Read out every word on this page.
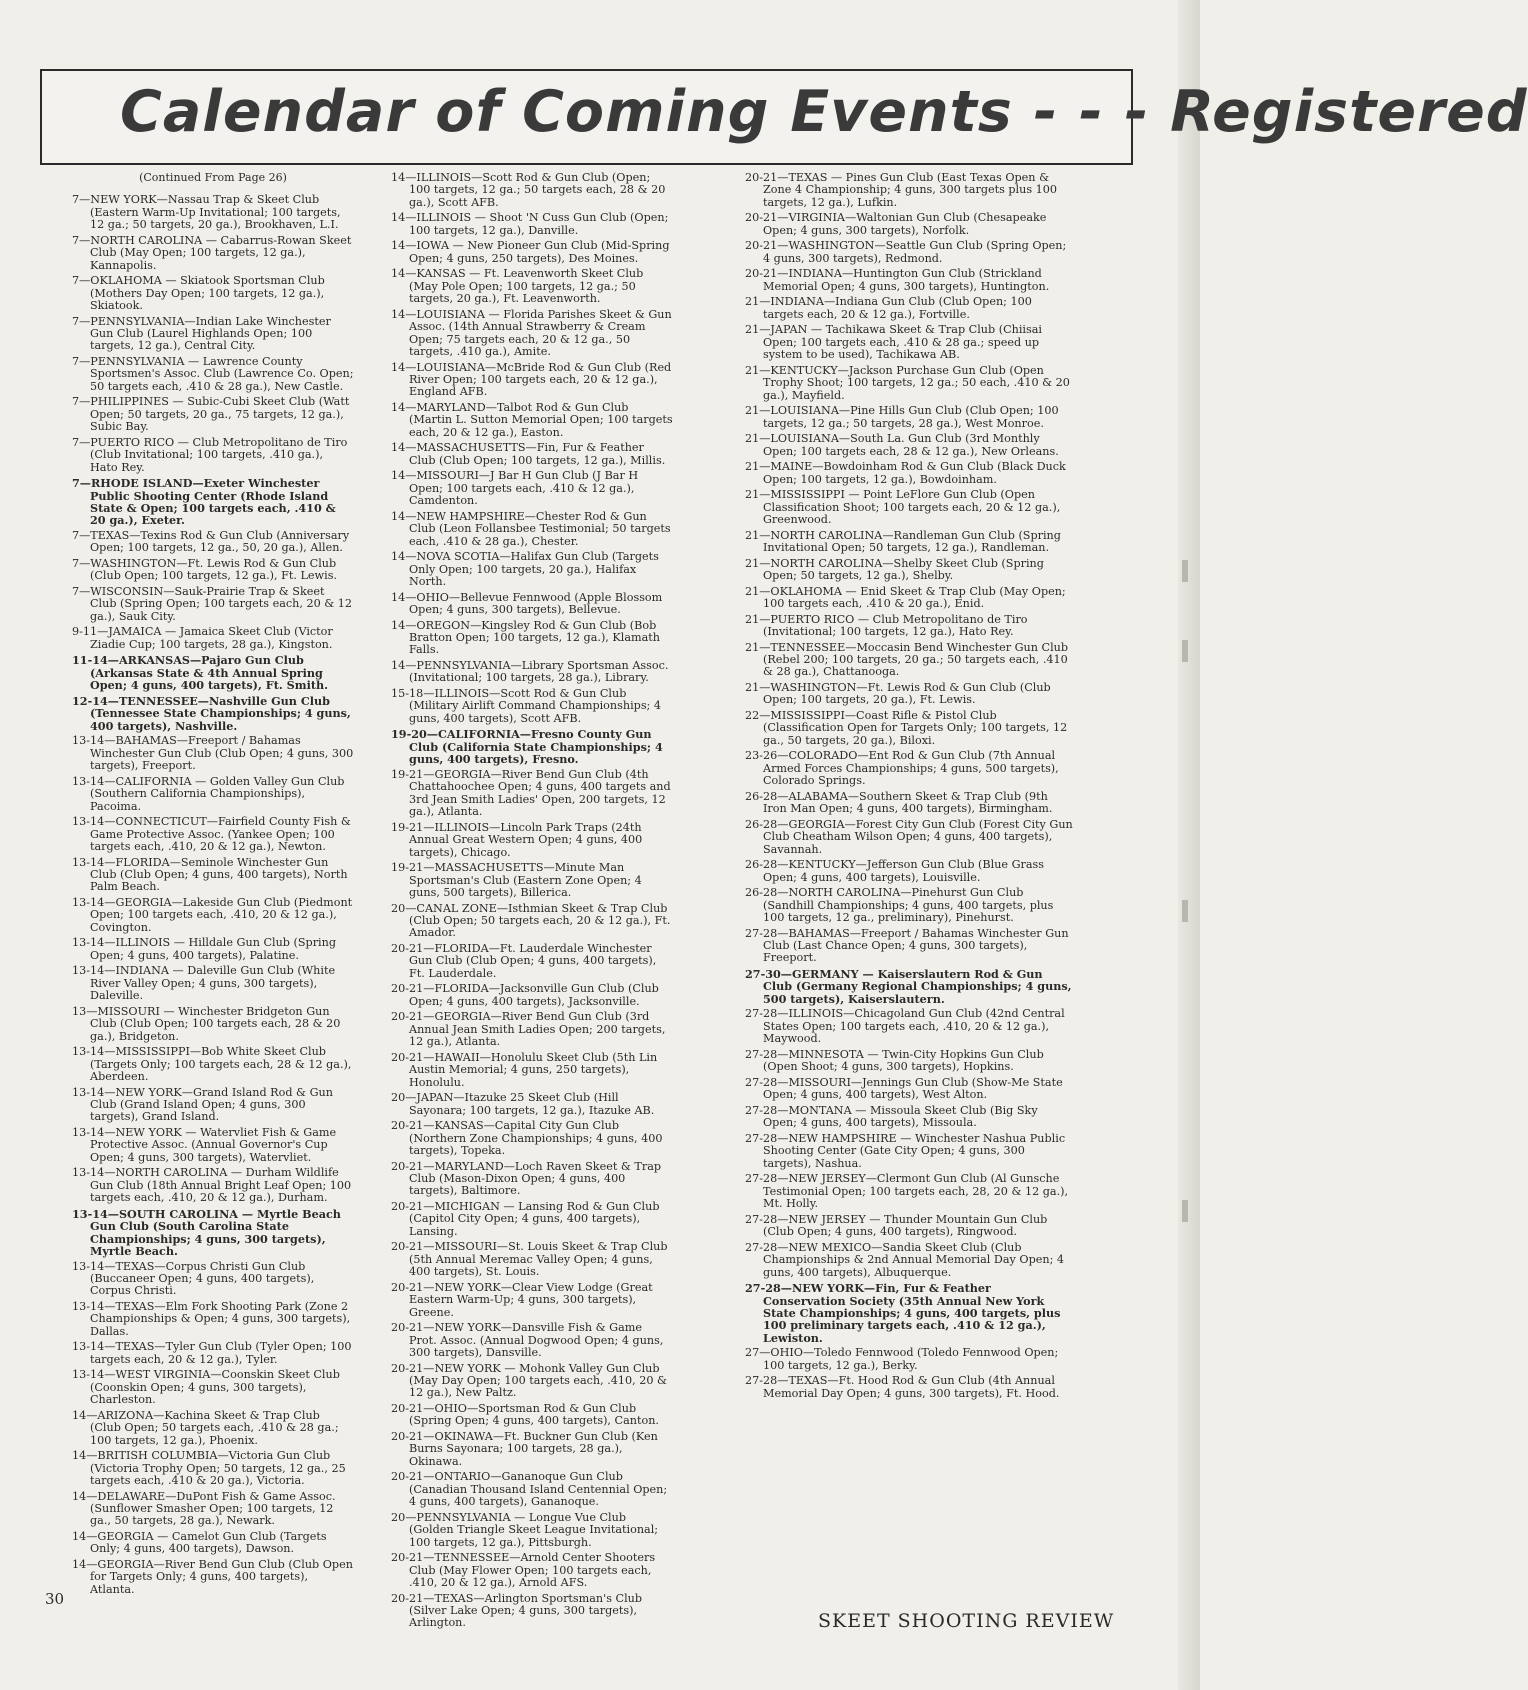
Calendar of Coming Events - - - Registered
(Continued From Page 26)

7—NEW YORK—Nassau Trap & Skeet Club (Eastern Warm-Up Invitational; 100 targets, 12 ga.; 50 targets, 20 ga.), Brookhaven, L.I.

7—NORTH CAROLINA — Cabarrus-Rowan Skeet Club (May Open; 100 targets, 12 ga.), Kannapolis.

7—OKLAHOMA — Skiatook Sportsman Club (Mothers Day Open; 100 targets, 12 ga.), Skiatook.

7—PENNSYLVANIA—Indian Lake Winchester Gun Club (Laurel Highlands Open; 100 targets, 12 ga.), Central City.

7—PENNSYLVANIA — Lawrence County Sportsmen's Assoc. Club (Lawrence Co. Open; 50 targets each, .410 & 28 ga.), New Castle.

7—PHILIPPINES — Subic-Cubi Skeet Club (Watt Open; 50 targets, 20 ga., 75 targets, 12 ga.), Subic Bay.

7—PUERTO RICO — Club Metropolitano de Tiro (Club Invitational; 100 targets, .410 ga.), Hato Rey.

7—RHODE ISLAND—Exeter Winchester Public Shooting Center (Rhode Island State & Open; 100 targets each, .410 & 20 ga.), Exeter.

7—TEXAS—Texins Rod & Gun Club (Anniversary Open; 100 targets, 12 ga., 50, 20 ga.), Allen.

7—WASHINGTON—Ft. Lewis Rod & Gun Club (Club Open; 100 targets, 12 ga.), Ft. Lewis.

7—WISCONSIN—Sauk-Prairie Trap & Skeet Club (Spring Open; 100 targets each, 20 & 12 ga.), Sauk City.

9-11—JAMAICA — Jamaica Skeet Club (Victor Ziadie Cup; 100 targets, 28 ga.), Kingston.

11-14—ARKANSAS—Pajaro Gun Club (Arkansas State & 4th Annual Spring Open; 4 guns, 400 targets), Ft. Smith.

12-14—TENNESSEE—Nashville Gun Club (Tennessee State Championships; 4 guns, 400 targets), Nashville.

13-14—BAHAMAS—Freeport / Bahamas Winchester Gun Club (Club Open; 4 guns, 300 targets), Freeport.

13-14—CALIFORNIA — Golden Valley Gun Club (Southern California Championships), Pacoima.

13-14—CONNECTICUT—Fairfield County Fish & Game Protective Assoc. (Yankee Open; 100 targets each, .410, 20 & 12 ga.), Newton.

13-14—FLORIDA—Seminole Winchester Gun Club (Club Open; 4 guns, 400 targets), North Palm Beach.

13-14—GEORGIA—Lakeside Gun Club (Piedmont Open; 100 targets each, .410, 20 & 12 ga.), Covington.

13-14—ILLINOIS — Hilldale Gun Club (Spring Open; 4 guns, 400 targets), Palatine.

13-14—INDIANA — Daleville Gun Club (White River Valley Open; 4 guns, 300 targets), Daleville.

13—MISSOURI — Winchester Bridgeton Gun Club (Club Open; 100 targets each, 28 & 20 ga.), Bridgeton.

13-14—MISSISSIPPI—Bob White Skeet Club (Targets Only; 100 targets each, 28 & 12 ga.), Aberdeen.

13-14—NEW YORK—Grand Island Rod & Gun Club (Grand Island Open; 4 guns, 300 targets), Grand Island.

13-14—NEW YORK — Watervliet Fish & Game Protective Assoc. (Annual Governor's Cup Open; 4 guns, 300 targets), Watervliet.

13-14—NORTH CAROLINA — Durham Wildlife Gun Club (18th Annual Bright Leaf Open; 100 targets each, .410, 20 & 12 ga.), Durham.

13-14—SOUTH CAROLINA — Myrtle Beach Gun Club (South Carolina State Championships; 4 guns, 300 targets), Myrtle Beach.

13-14—TEXAS—Corpus Christi Gun Club (Buccaneer Open; 4 guns, 400 targets), Corpus Christi.

13-14—TEXAS—Elm Fork Shooting Park (Zone 2 Championships & Open; 4 guns, 300 targets), Dallas.

13-14—TEXAS—Tyler Gun Club (Tyler Open; 100 targets each, 20 & 12 ga.), Tyler.

13-14—WEST VIRGINIA—Coonskin Skeet Club (Coonskin Open; 4 guns, 300 targets), Charleston.

14—ARIZONA—Kachina Skeet & Trap Club (Club Open; 50 targets each, .410 & 28 ga.; 100 targets, 12 ga.), Phoenix.

14—BRITISH COLUMBIA—Victoria Gun Club (Victoria Trophy Open; 50 targets, 12 ga., 25 targets each, .410 & 20 ga.), Victoria.

14—DELAWARE—DuPont Fish & Game Assoc. (Sunflower Smasher Open; 100 targets, 12 ga., 50 targets, 28 ga.), Newark.

14—GEORGIA — Camelot Gun Club (Targets Only; 4 guns, 400 targets), Dawson.

14—GEORGIA—River Bend Gun Club (Club Open for Targets Only; 4 guns, 400 targets), Atlanta.

14—ILLINOIS—Scott Rod & Gun Club (Open; 100 targets, 12 ga.; 50 targets each, 28 & 20 ga.), Scott AFB.

14—ILLINOIS — Shoot 'N Cuss Gun Club (Open; 100 targets, 12 ga.), Danville.

14—IOWA — New Pioneer Gun Club (Mid-Spring Open; 4 guns, 250 targets), Des Moines.

14—KANSAS — Ft. Leavenworth Skeet Club (May Pole Open; 100 targets, 12 ga.; 50 targets, 20 ga.), Ft. Leavenworth.

14—LOUISIANA — Florida Parishes Skeet & Gun Assoc. (14th Annual Strawberry & Cream Open; 75 targets each, 20 & 12 ga., 50 targets, .410 ga.), Amite.

14—LOUISIANA—McBride Rod & Gun Club (Red River Open; 100 targets each, 20 & 12 ga.), England AFB.

14—MARYLAND—Talbot Rod & Gun Club (Martin L. Sutton Memorial Open; 100 targets each, 20 & 12 ga.), Easton.

14—MASSACHUSETTS—Fin, Fur & Feather Club (Club Open; 100 targets, 12 ga.), Millis.

14—MISSOURI—J Bar H Gun Club (J Bar H Open; 100 targets each, .410 & 12 ga.), Camdenton.

14—NEW HAMPSHIRE—Chester Rod & Gun Club (Leon Follansbee Testimonial; 50 targets each, .410 & 28 ga.), Chester.

14—NOVA SCOTIA—Halifax Gun Club (Targets Only Open; 100 targets, 20 ga.), Halifax North.

14—OHIO—Bellevue Fennwood (Apple Blossom Open; 4 guns, 300 targets), Bellevue.

14—OREGON—Kingsley Rod & Gun Club (Bob Bratton Open; 100 targets, 12 ga.), Klamath Falls.

14—PENNSYLVANIA—Library Sportsman Assoc. (Invitational; 100 targets, 28 ga.), Library.

15-18—ILLINOIS—Scott Rod & Gun Club (Military Airlift Command Championships; 4 guns, 400 targets), Scott AFB.

19-20—CALIFORNIA—Fresno County Gun Club (California State Championships; 4 guns, 400 targets), Fresno.

19-21—GEORGIA—River Bend Gun Club (4th Chattahoochee Open; 4 guns, 400 targets and 3rd Jean Smith Ladies' Open, 200 targets, 12 ga.), Atlanta.

19-21—ILLINOIS—Lincoln Park Traps (24th Annual Great Western Open; 4 guns, 400 targets), Chicago.

19-21—MASSACHUSETTS—Minute Man Sportsman's Club (Eastern Zone Open; 4 guns, 500 targets), Billerica.

20—CANAL ZONE—Isthmian Skeet & Trap Club (Club Open; 50 targets each, 20 & 12 ga.), Ft. Amador.

20-21—FLORIDA—Ft. Lauderdale Winchester Gun Club (Club Open; 4 guns, 400 targets), Ft. Lauderdale.

20-21—FLORIDA—Jacksonville Gun Club (Club Open; 4 guns, 400 targets), Jacksonville.

20-21—GEORGIA—River Bend Gun Club (3rd Annual Jean Smith Ladies Open; 200 targets, 12 ga.), Atlanta.

20-21—HAWAII—Honolulu Skeet Club (5th Lin Austin Memorial; 4 guns, 250 targets), Honolulu.

20—JAPAN—Itazuke 25 Skeet Club (Hill Sayonara; 100 targets, 12 ga.), Itazuke AB.

20-21—KANSAS—Capital City Gun Club (Northern Zone Championships; 4 guns, 400 targets), Topeka.

20-21—MARYLAND—Loch Raven Skeet & Trap Club (Mason-Dixon Open; 4 guns, 400 targets), Baltimore.

20-21—MICHIGAN — Lansing Rod & Gun Club (Capitol City Open; 4 guns, 400 targets), Lansing.

20-21—MISSOURI—St. Louis Skeet & Trap Club (5th Annual Meremac Valley Open; 4 guns, 400 targets), St. Louis.

20-21—NEW YORK—Clear View Lodge (Great Eastern Warm-Up; 4 guns, 300 targets), Greene.

20-21—NEW YORK—Dansville Fish & Game Prot. Assoc. (Annual Dogwood Open; 4 guns, 300 targets), Dansville.

20-21—NEW YORK — Mohonk Valley Gun Club (May Day Open; 100 targets each, .410, 20 & 12 ga.), New Paltz.

20-21—OHIO—Sportsman Rod & Gun Club (Spring Open; 4 guns, 400 targets), Canton.

20-21—OKINAWA—Ft. Buckner Gun Club (Ken Burns Sayonara; 100 targets, 28 ga.), Okinawa.

20-21—ONTARIO—Gananoque Gun Club (Canadian Thousand Island Centennial Open; 4 guns, 400 targets), Gananoque.

20—PENNSYLVANIA — Longue Vue Club (Golden Triangle Skeet League Invitational; 100 targets, 12 ga.), Pittsburgh.

20-21—TENNESSEE—Arnold Center Shooters Club (May Flower Open; 100 targets each, .410, 20 & 12 ga.), Arnold AFS.

20-21—TEXAS—Arlington Sportsman's Club (Silver Lake Open; 4 guns, 300 targets), Arlington.

20-21—TEXAS — Pines Gun Club (East Texas Open & Zone 4 Championship; 4 guns, 300 targets plus 100 targets, 12 ga.), Lufkin.

20-21—VIRGINIA—Waltonian Gun Club (Chesapeake Open; 4 guns, 300 targets), Norfolk.

20-21—WASHINGTON—Seattle Gun Club (Spring Open; 4 guns, 300 targets), Redmond.

20-21—INDIANA—Huntington Gun Club (Strickland Memorial Open; 4 guns, 300 targets), Huntington.

21—INDIANA—Indiana Gun Club (Club Open; 100 targets each, 20 & 12 ga.), Fortville.

21—JAPAN — Tachikawa Skeet & Trap Club (Chiisai Open; 100 targets each, .410 & 28 ga.; speed up system to be used), Tachikawa AB.

21—KENTUCKY—Jackson Purchase Gun Club (Open Trophy Shoot; 100 targets, 12 ga.; 50 each, .410 & 20 ga.), Mayfield.

21—LOUISIANA—Pine Hills Gun Club (Club Open; 100 targets, 12 ga.; 50 targets, 28 ga.), West Monroe.

21—LOUISIANA—South La. Gun Club (3rd Monthly Open; 100 targets each, 28 & 12 ga.), New Orleans.

21—MAINE—Bowdoinham Rod & Gun Club (Black Duck Open; 100 targets, 12 ga.), Bowdoinham.

21—MISSISSIPPI — Point LeFlore Gun Club (Open Classification Shoot; 100 targets each, 20 & 12 ga.), Greenwood.

21—NORTH CAROLINA—Randleman Gun Club (Spring Invitational Open; 50 targets, 12 ga.), Randleman.

21—NORTH CAROLINA—Shelby Skeet Club (Spring Open; 50 targets, 12 ga.), Shelby.

21—OKLAHOMA — Enid Skeet & Trap Club (May Open; 100 targets each, .410 & 20 ga.), Enid.

21—PUERTO RICO — Club Metropolitano de Tiro (Invitational; 100 targets, 12 ga.), Hato Rey.

21—TENNESSEE—Moccasin Bend Winchester Gun Club (Rebel 200; 100 targets, 20 ga.; 50 targets each, .410 & 28 ga.), Chattanooga.

21—WASHINGTON—Ft. Lewis Rod & Gun Club (Club Open; 100 targets, 20 ga.), Ft. Lewis.

22—MISSISSIPPI—Coast Rifle & Pistol Club (Classification Open for Targets Only; 100 targets, 12 ga., 50 targets, 20 ga.), Biloxi.

23-26—COLORADO—Ent Rod & Gun Club (7th Annual Armed Forces Championships; 4 guns, 500 targets), Colorado Springs.

26-28—ALABAMA—Southern Skeet & Trap Club (9th Iron Man Open; 4 guns, 400 targets), Birmingham.

26-28—GEORGIA—Forest City Gun Club (Forest City Gun Club Cheatham Wilson Open; 4 guns, 400 targets), Savannah.

26-28—KENTUCKY—Jefferson Gun Club (Blue Grass Open; 4 guns, 400 targets), Louisville.

26-28—NORTH CAROLINA—Pinehurst Gun Club (Sandhill Championships; 4 guns, 400 targets, plus 100 targets, 12 ga., preliminary), Pinehurst.

27-28—BAHAMAS—Freeport / Bahamas Winchester Gun Club (Last Chance Open; 4 guns, 300 targets), Freeport.

27-30—GERMANY — Kaiserslautern Rod & Gun Club (Germany Regional Championships; 4 guns, 500 targets), Kaiserslautern.

27-28—ILLINOIS—Chicagoland Gun Club (42nd Central States Open; 100 targets each, .410, 20 & 12 ga.), Maywood.

27-28—MINNESOTA — Twin-City Hopkins Gun Club (Open Shoot; 4 guns, 300 targets), Hopkins.

27-28—MISSOURI—Jennings Gun Club (Show-Me State Open; 4 guns, 400 targets), West Alton.

27-28—MONTANA — Missoula Skeet Club (Big Sky Open; 4 guns, 400 targets), Missoula.

27-28—NEW HAMPSHIRE — Winchester Nashua Public Shooting Center (Gate City Open; 4 guns, 300 targets), Nashua.

27-28—NEW JERSEY—Clermont Gun Club (Al Gunsche Testimonial Open; 100 targets each, 28, 20 & 12 ga.), Mt. Holly.

27-28—NEW JERSEY — Thunder Mountain Gun Club (Club Open; 4 guns, 400 targets), Ringwood.

27-28—NEW MEXICO—Sandia Skeet Club (Club Championships & 2nd Annual Memorial Day Open; 4 guns, 400 targets), Albuquerque.

27-28—NEW YORK—Fin, Fur & Feather Conservation Society (35th Annual New York State Championships; 4 guns, 400 targets, plus 100 preliminary targets each, .410 & 12 ga.), Lewiston.

27—OHIO—Toledo Fennwood (Toledo Fennwood Open; 100 targets, 12 ga.), Berky.

27-28—TEXAS—Ft. Hood Rod & Gun Club (4th Annual Memorial Day Open; 4 guns, 300 targets), Ft. Hood.

30
SKEET SHOOTING REVIEW
